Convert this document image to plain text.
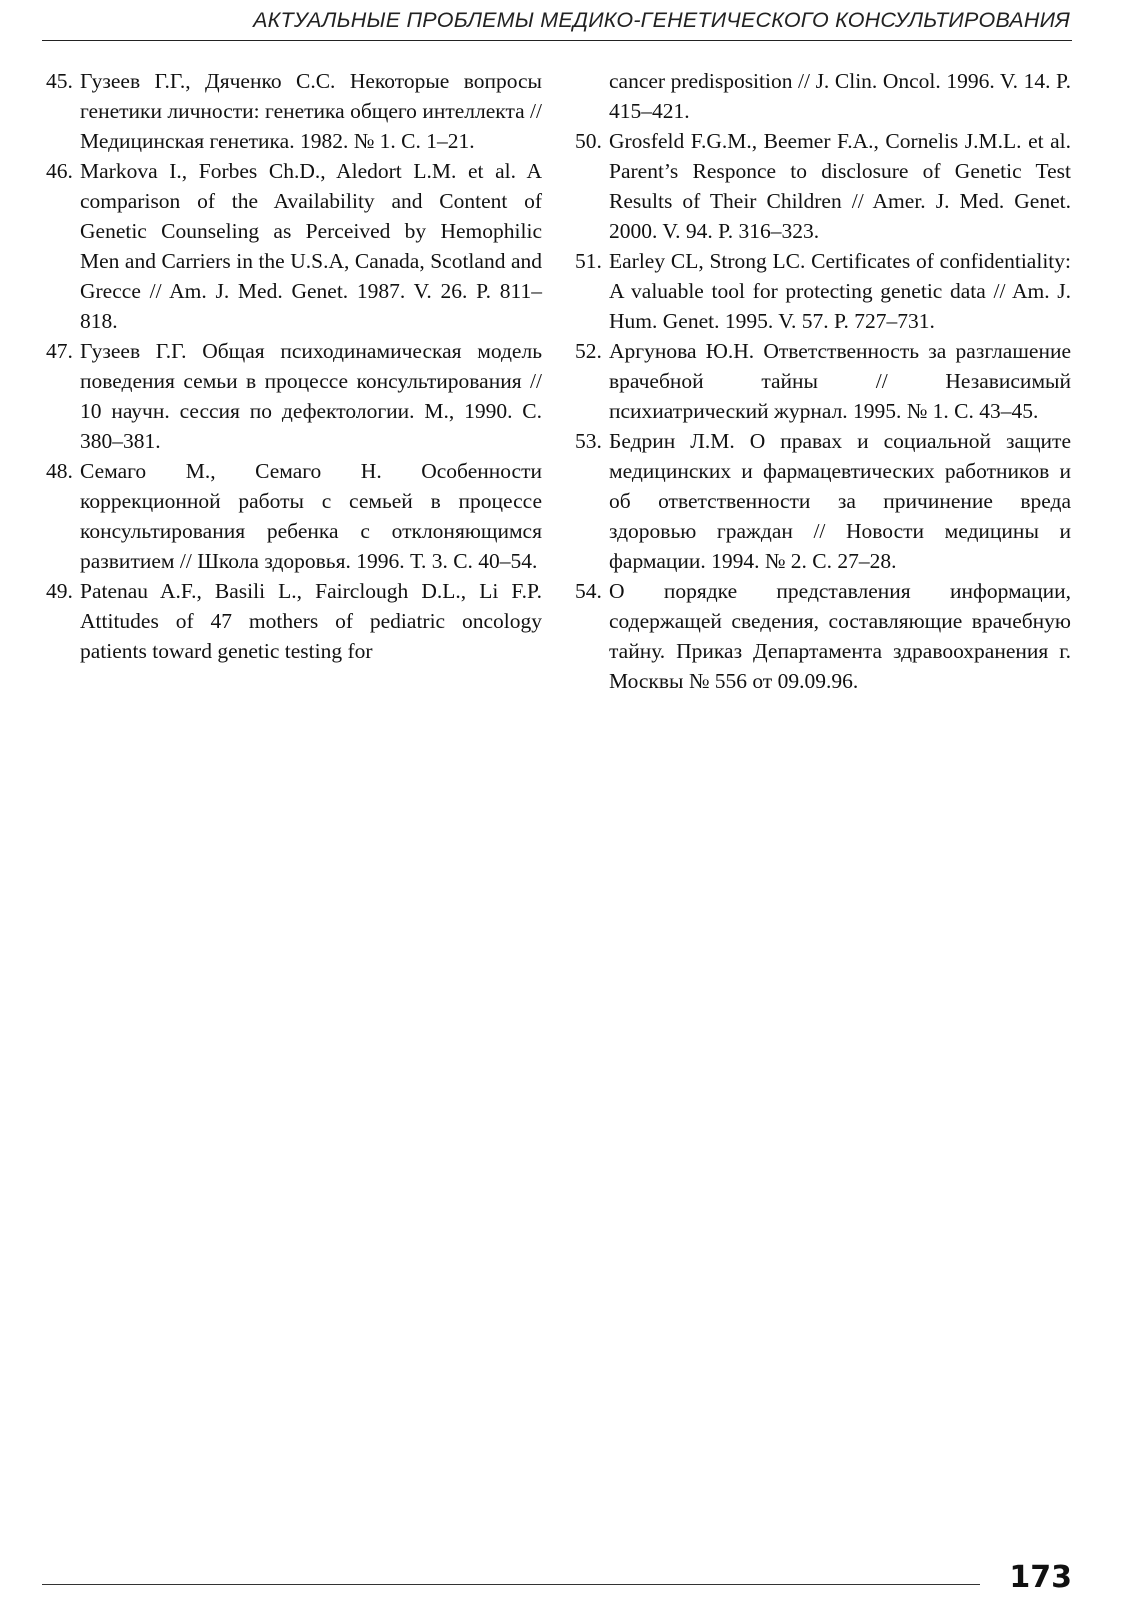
АКТУАЛЬНЫЕ ПРОБЛЕМЫ МЕДИКО-ГЕНЕТИЧЕСКОГО КОНСУЛЬТИРОВАНИЯ
45. Гузеев Г.Г., Дяченко С.С. Некоторые вопросы генетики личности: генетика общего интеллекта // Медицинская генетика. 1982. № 1. С. 1–21.
46. Markova I., Forbes Ch.D., Aledort L.M. et al. A comparison of the Availability and Content of Genetic Counseling as Perceived by Hemophilic Men and Carriers in the U.S.A, Canada, Scotland and Grecce // Am. J. Med. Genet. 1987. V. 26. P. 811–818.
47. Гузеев Г.Г. Общая психодинамическая модель поведения семьи в процессе консультирования // 10 научн. сессия по дефектологии. М., 1990. С. 380–381.
48. Семаго М., Семаго Н. Особенности коррекционной работы с семьей в процессе консультирования ребенка с отклоняющимся развитием // Школа здоровья. 1996. Т. 3. С. 40–54.
49. Patenau A.F., Basili L., Fairclough D.L., Li F.P. Attitudes of 47 mothers of pediatric oncology patients toward genetic testing for
cancer predisposition // J. Clin. Oncol. 1996. V. 14. P. 415–421.
50. Grosfeld F.G.M., Beemer F.A., Cornelis J.M.L. et al. Parent’s Responce to disclosure of Genetic Test Results of Their Children // Amer. J. Med. Genet. 2000. V. 94. P. 316–323.
51. Earley CL, Strong LC. Certificates of confidentiality: A valuable tool for protecting genetic data // Am. J. Hum. Genet. 1995. V. 57. P. 727–731.
52. Аргунова Ю.Н. Ответственность за разглашение врачебной тайны // Независимый психиатрический журнал. 1995. № 1. С. 43–45.
53. Бедрин Л.М. О правах и социальной защите медицинских и фармацевтических работников и об ответственности за причинение вреда здоровью граждан // Новости медицины и фармации. 1994. № 2. С. 27–28.
54. О порядке представления информации, содержащей сведения, составляющие врачебную тайну. Приказ Департамента здравоохранения г. Москвы № 556 от 09.09.96.
173
